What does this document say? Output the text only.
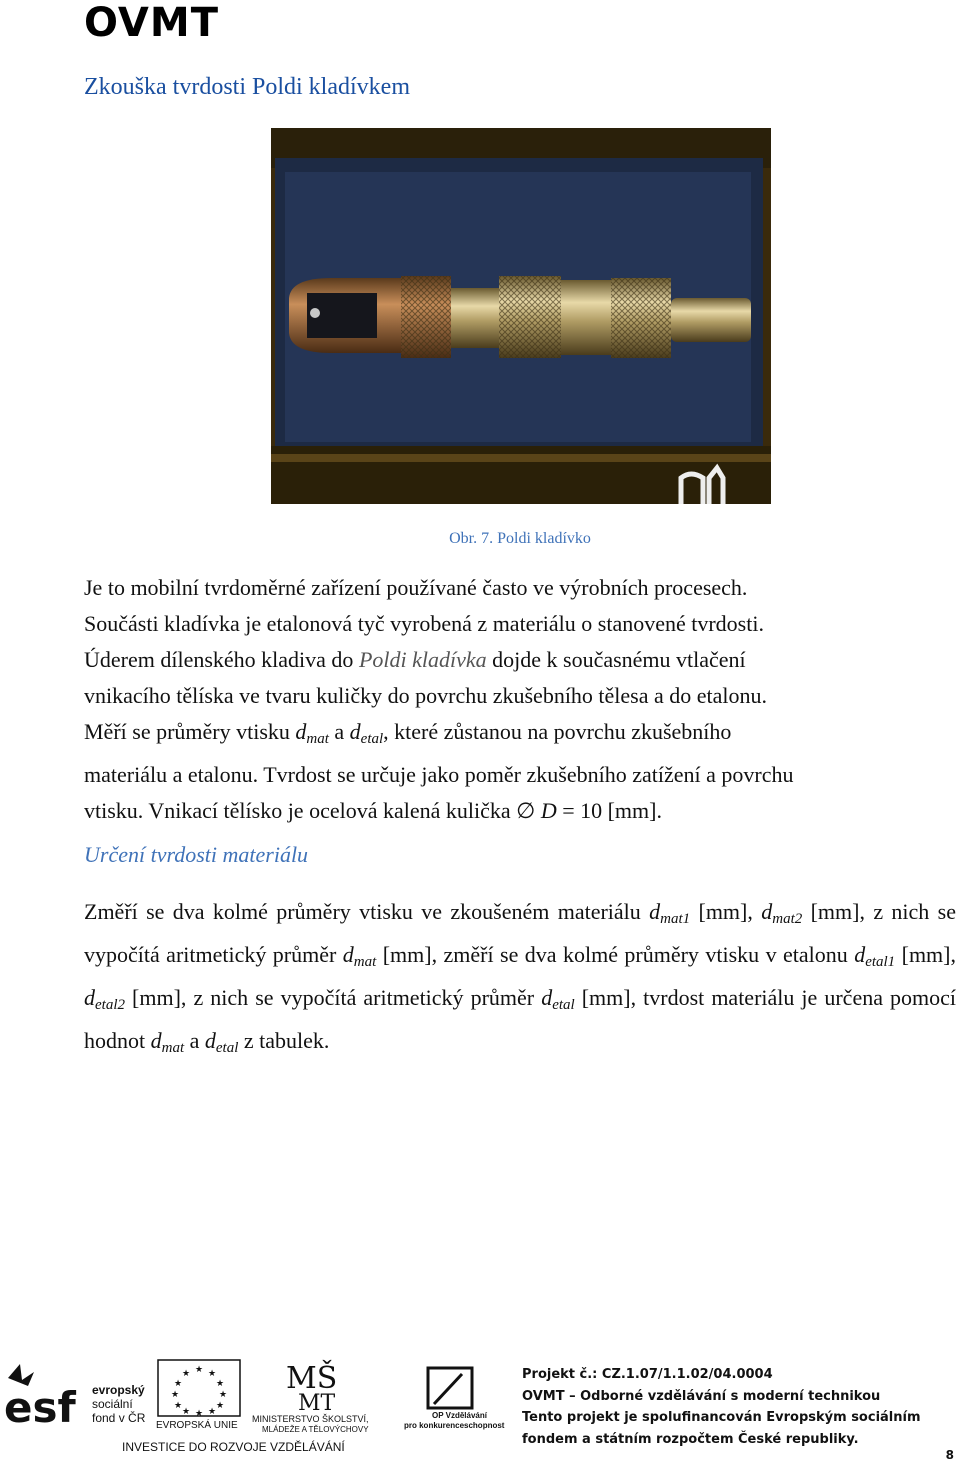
OVMT
Zkouška tvrdosti Poldi kladívkem
Obr. 7. Poldi kladívko
Je to mobilní tvrdoměrné zařízení používané často ve výrobních procesech.
Součásti kladívka je etalonová tyč vyrobená z materiálu o stanovené tvrdosti.
Úderem dílenského kladiva do Poldi kladívka dojde k současnému vtlačení
vnikacího tělíska ve tvaru kuličky do povrchu zkušebního tělesa a do etalonu.
Měří se průměry vtisku $d_{mat}$ a $d_{etal}$, které zůstanou na povrchu zkušebního
materiálu a etalonu. Tvrdost se určuje jako poměr zkušebního zatížení a povrchu
vtisku. Vnikací tělísko je ocelová kalená kulička ∅ D = 10 [mm].
Určení tvrdosti materiálu
Změří se dva kolmé průměry vtisku ve zkoušeném materiálu $d_{mat1}$ [mm], $d_{mat2}$ [mm], z nich se vypočítá aritmetický průměr $d_{mat}$ [mm], změří se dva kolmé průměry vtisku v etalonu $d_{etal1}$ [mm], $d_{etal2}$ [mm], z nich se vypočítá aritmetický průměr $d_{etal}$ [mm], tvrdost materiálu je určena pomocí hodnot $d_{mat}$ a $d_{etal}$ z tabulek.
esf evropský
sociální
fond v ČR
★ ★
★
★
★
★
★
★
★
★
★
★
EVROPSKÁ UNIE
MŠ
MT
MINISTERSTVO ŠKOLSTVÍ,
MLÁDEŽE A TĚLOVÝCHOVY
OP Vzdělávání
pro konkurenceschopnost
INVESTICE DO ROZVOJE VZDĚLÁVÁNÍ
Projekt č.: CZ.1.07/1.1.02/04.0004
OVMT – Odborné vzdělávání s moderní technikou
Tento projekt je spolufinancován Evropským sociálním
fondem a státním rozpočtem České republiky.
8
